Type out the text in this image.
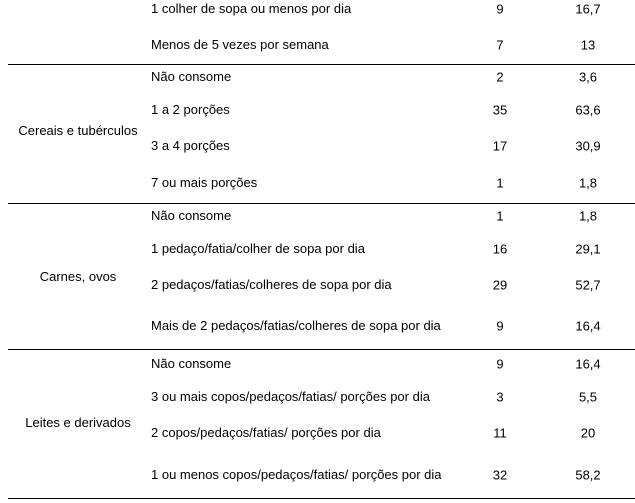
1 colher de sopa ou menos por dia	9	16,7
Menos de 5 vezes por semana	7	13
Cereais e tubérculos
Não consome	2	3,6
1 a 2 porções	35	63,6
3 a 4 porções	17	30,9
7 ou mais porções	1	1,8
Carnes, ovos
Não consome	1	1,8
1 pedaço/fatia/colher de sopa por dia	16	29,1
2 pedaços/fatias/colheres de sopa por dia	29	52,7
Mais de 2 pedaços/fatias/colheres de sopa por dia	9	16,4
Leites e derivados
Não consome	9	16,4
3 ou mais copos/pedaços/fatias/ porções por dia	3	5,5
2 copos/pedaços/fatias/ porções por dia	11	20
1 ou menos copos/pedaços/fatias/ porções por dia	32	58,2
